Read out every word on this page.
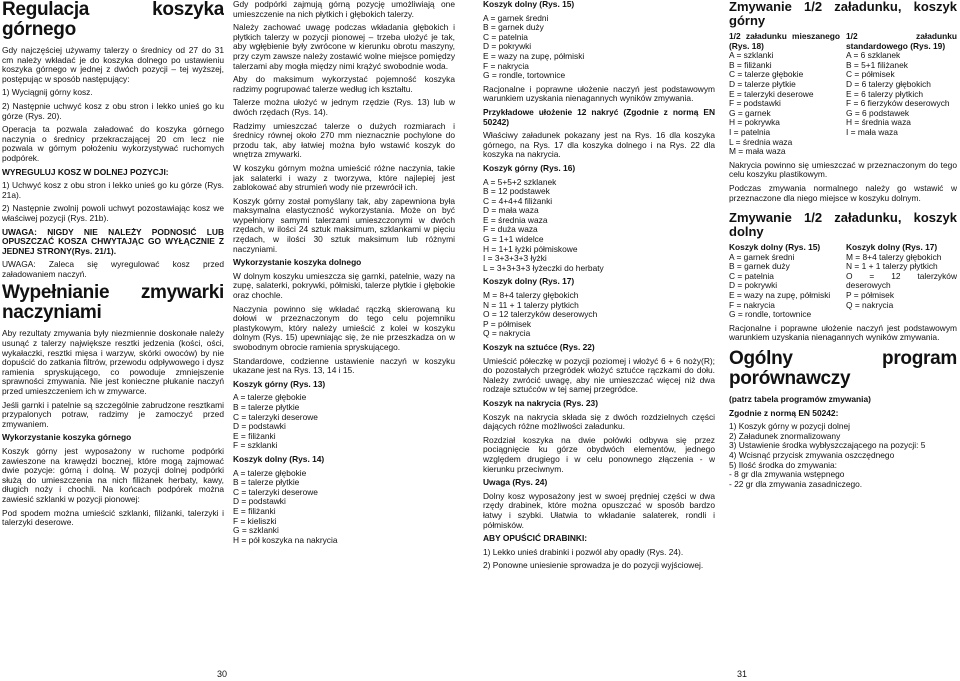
Regulacja koszyka górnego

Gdy najczęściej używamy talerzy o średnicy od 27 do 31 cm należy wkładać je do koszyka dolnego po ustawieniu koszyka górnego w jednej z dwóch pozycji – tej wyższej, postępując w sposób następujący:

1) Wyciągnij górny kosz.

2) Następnie uchwyć kosz z obu stron i lekko unieś go ku górze (Rys. 20).

Operacja ta pozwala załadować do koszyka górnego naczynia o średnicy przekraczającej 20 cm lecz nie pozwala w górnym położeniu wykorzystywać ruchomych podpórek.

WYREGULUJ KOSZ W DOLNEJ POZYCJI:

1) Uchwyć kosz z obu stron i lekko unieś go ku górze (Rys. 21a).

2) Następnie zwolnij powoli uchwyt pozostawiając kosz we właściwej pozycji (Rys. 21b).

UWAGA: NIGDY NIE NALEŻY PODNOSIĆ LUB OPUSZCZAĆ KOSZA CHWYTAJĄC GO WYŁĄCZNIE Z JEDNEJ STRONY(Rys. 21/1).

UWAGA: Zaleca się wyregulować kosz przed załadowaniem naczyń.

Wypełnianie zmywarki naczyniami

Aby rezultaty zmywania były niezmiennie doskonałe należy usunąć z talerzy największe resztki jedzenia (kości, ości, wykałaczki, resztki mięsa i warzyw, skórki owoców) by nie dopuścić do zatkania filtrów, przewodu odpływowego i dysz ramienia spryskującego, co powoduje zmniejszenie sprawności zmywania. Nie jest konieczne płukanie naczyń przed umieszczeniem ich w zmywarce.

Jeśli garnki i patelnie są szczególnie zabrudzone resztkami przypalonych potraw, radzimy je zamoczyć przed zmywaniem.

Wykorzystanie koszyka górnego

Koszyk górny jest wyposażony w ruchome podpórki zawieszone na krawędzi bocznej, które mogą zajmować dwie pozycje: górną i dolną. W pozycji dolnej podpórki służą do umieszczenia na nich filiżanek herbaty, kawy, długich noży i chochli. Na końcach podpórek można zawiesić szklanki w pozycji pionowej:

Pod spodem można umieścić szklanki, filiżanki, talerzyki i talerzyki deserowe.

Gdy podpórki zajmują górną pozycję umożliwiają one umieszczenie na nich płytkich i głębokich talerzy.

Należy zachować uwagę podczas wkładania głębokich i płytkich talerzy w pozycji pionowej – trzeba ułożyć je tak, aby wgłębienie były zwrócone w kierunku obrotu maszyny, przy czym zawsze należy zostawić wolne miejsce pomiędzy talerzami aby mogła między nimi krążyć swobodnie woda.

Aby do maksimum wykorzystać pojemność koszyka radzimy pogrupować talerze według ich kształtu.

Talerze można ułożyć w jednym rzędzie (Rys. 13) lub w dwóch rzędach (Rys. 14).

Radzimy umieszczać talerze o dużych rozmiarach i średnicy równej około 270 mm nieznacznie pochylone do przodu tak, aby łatwiej można było wstawić koszyk do wnętrza zmywarki.

W koszyku górnym można umieścić różne naczynia, takie jak salaterki i wazy z tworzywa, które najlepiej jest zablokować aby strumień wody nie przewrócił ich.

Koszyk górny został pomyślany tak, aby zapewniona była maksymalna elastyczność wykorzystania. Może on być wypełniony samymi talerzami umieszczonymi w dwóch rzędach, w ilości 24 sztuk maksimum, szklankami w pięciu rzędach, w ilości 30 sztuk maksimum lub różnymi naczyniami.

Wykorzystanie koszyka dolnego

W dolnym koszyku umieszcza się garnki, patelnie, wazy na zupę, salaterki, pokrywki, półmiski, talerze płytkie i głębokie oraz chochle.

Naczynia powinno się wkładać rączką skierowaną ku dołowi w przeznaczonym do tego celu pojemniku plastykowym, który należy umieścić z kolei w koszyku dolnym (Rys. 15) upewniając się, że nie przeszkadza on w swobodnym obrocie ramienia spryskującego.

Standardowe, codzienne ustawienie naczyń w koszyku ukazane jest na Rys. 13, 14 i 15.

Koszyk górny (Rys. 13)

A = talerze głębokie
B = talerze płytkie
C = talerzyki deserowe
D = podstawki
E = filiżanki
F = szklanki

Koszyk dolny (Rys. 14)

A = talerze głębokie
B = talerze płytkie
C = talerzyki deserowe
D = podstawki
E = filiżanki
F = kieliszki
G = szklanki
H = pół koszyka na nakrycia
30	31

Koszyk dolny (Rys. 15)

A = garnek średni
B = garnek duży
C = patelnia
D = pokrywki
E = wazy na zupę, półmiski
F = nakrycia
G = rondle, tortownice

Racjonalne i poprawne ułożenie naczyń jest podstawowym warunkiem uzyskania nienagannych wyników zmywania.

Przykładowe ułożenie 12 nakryć (Zgodnie z normą EN 50242)

Właściwy załadunek pokazany jest na Rys. 16 dla koszyka górnego, na Rys. 17 dla koszyka dolnego i na Rys. 22 dla koszyka na nakrycia.

Koszyk górny (Rys. 16)

A = 5+5+2 szklanek
B = 12 podstawek
C = 4+4+4 filiżanki
D = mała waza
E = średnia waza
F = duża waza
G = 1+1 widelce
H = 1+1 łyżki półmiskowe
I = 3+3+3+3 łyżki
L = 3+3+3+3 łyżeczki do herbaty

Koszyk dolny (Rys. 17)

M = 8+4 talerzy głębokich
N = 11 + 1 talerzy płytkich
O = 12 talerzyków deserowych
P = półmisek
Q = nakrycia

Koszyk na sztućce (Rys. 22)

Umieścić półeczkę w pozycji poziomej i włożyć 6 + 6 noży(R); do pozostałych przegródek włożyć sztućce rączkami do dołu. Należy zwrócić uwagę, aby nie umieszczać więcej niż dwa rodzaje sztućców w tej samej przegródce.

Koszyk na nakrycia (Rys. 23)

Koszyk na nakrycia składa się z dwóch rozdzielnych części dających różne możliwości załadunku.

Rozdział koszyka na dwie połówki odbywa się przez pociągnięcie ku górze obydwóch elementów, jednego względem drugiego i w celu ponownego złączenia - w kierunku przeciwnym.

Uwaga (Rys. 24)

Dolny kosz wyposażony jest w swoej prędniej części w dwa rzędy drabinek, które można opuszczać w sposób bardzo łatwy i szybki. Ułatwia to wkładanie salaterek, rondli i półmisków.

ABY OPUŚCIĆ DRABINKI:

1) Lekko unieś drabinki i pozwól aby opadły (Rys. 24).

2) Ponowne uniesienie sprowadza je do pozycji wyjściowej.

Zmywanie 1/2 załadunku, koszyk górny
1/2 załadunku mieszanego (Rys. 18)
A = szklanki
B = filiżanki
C = talerze głębokie
D = talerze płytkie
E = talerzyki deserowe
F = podstawki
G = garnek
H = pokrywka
I = patelnia
L = średnia waza
M = mała waza
1/2 załadunku standardowego (Rys. 19)
A = 6 szklanek
B = 5+1 filiżanek
C = półmisek
D = 6 talerzy głębokich
E = 6 talerzy płytkich
F = 6 fierzyków deserowych
G = 6 podstawek
H = średnia waza
I = mała waza

Nakrycia powinno się umieszczać w przeznaczonym do tego celu koszyku plastikowym.

Podczas zmywania normalnego należy go wstawić w przeznaczone dla niego miejsce w koszyku dolnym.

Zmywanie 1/2 załadunku, koszyk dolny
Koszyk dolny (Rys. 15)
A = garnek średni
B = garnek duży
C = patelnia
D = pokrywki
E = wazy na zupę, półmiski
F = nakrycia
G = rondle, tortownice
Koszyk dolny (Rys. 17)
M = 8+4 talerzy głębokich
N = 1 + 1 talerzy płytkich
O = 12 talerzyków deserowych
P = półmisek
Q = nakrycia

Racjonalne i poprawne ułożenie naczyń jest podstawowym warunkiem uzyskania nienagannych wyników zmywania.

Ogólny program porównawczy

(patrz tabela programów zmywania)

Zgodnie z normą EN 50242:

1) Koszyk górny w pozycji dolnej
2) Załadunek znormalizowany
3) Ustawienie środka wybłyszczającego na pozycji: 5
4) Wcisnąć przycisk zmywania oszczędnego
5) Ilość środka do zmywania:
- 8 gr dla zmywania wstępnego
- 22 gr dla zmywania zasadniczego.
